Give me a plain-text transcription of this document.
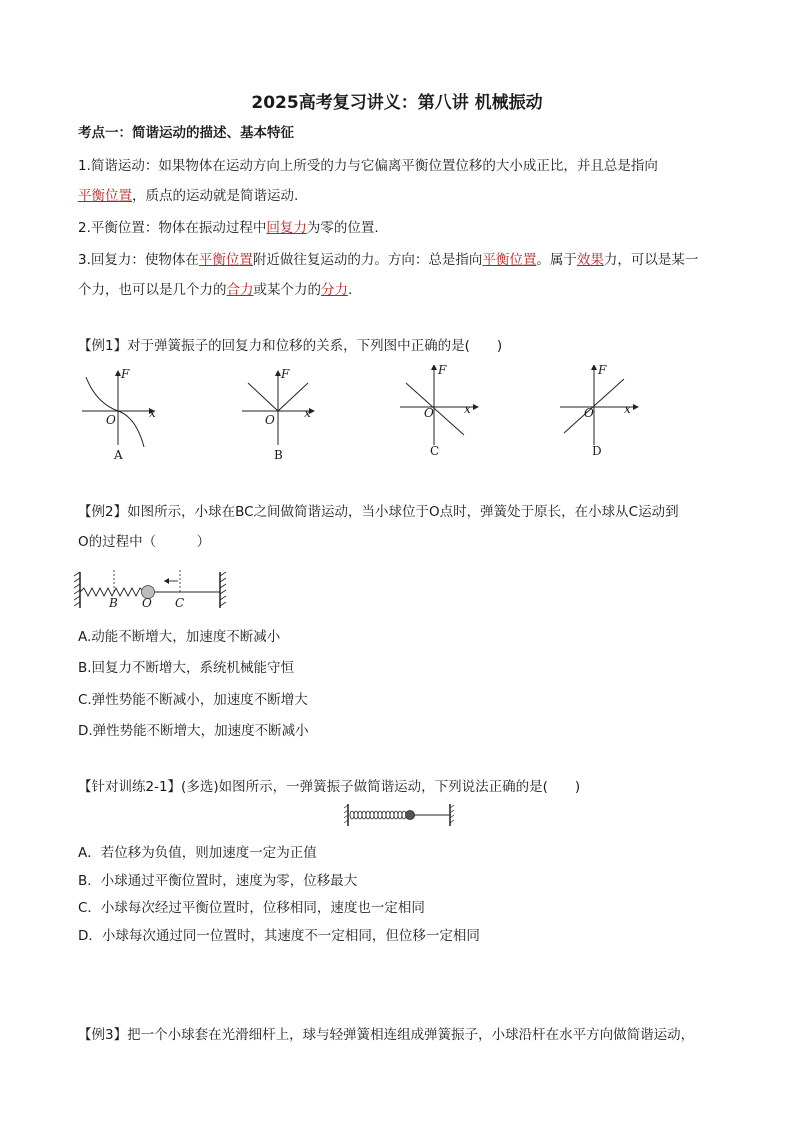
2025高考复习讲义：第八讲 机械振动
考点一：简谐运动的描述、基本特征
1.简谐运动：如果物体在运动方向上所受的力与它偏离平衡位置位移的大小成正比，并且总是指向
平衡位置，质点的运动就是简谐运动.
2.平衡位置：物体在振动过程中回复力为零的位置.
3.回复力：使物体在平衡位置附近做往复运动的力。方向：总是指向平衡位置。属于效果力，可以是某一
个力，也可以是几个力的合力或某个力的分力.
【例1】对于弹簧振子的回复力和位移的关系，下列图中正确的是(　　)
F
x
O
A
F
x
O
B
F
x
O
C
F
x
O
D
【例2】如图所示，小球在BC之间做简谐运动，当小球位于O点时，弹簧处于原长，在小球从C运动到
O的过程中（　　　）
B O C
A.动能不断增大，加速度不断减小
B.回复力不断增大，系统机械能守恒
C.弹性势能不断减小，加速度不断增大
D.弹性势能不断增大，加速度不断减小
【针对训练2-1】(多选)如图所示，一弹簧振子做简谐运动，下列说法正确的是(　　)
A．若位移为负值，则加速度一定为正值
B．小球通过平衡位置时，速度为零，位移最大
C．小球每次经过平衡位置时，位移相同，速度也一定相同
D．小球每次通过同一位置时，其速度不一定相同，但位移一定相同
【例3】把一个小球套在光滑细杆上，球与轻弹簧相连组成弹簧振子，小球沿杆在水平方向做简谐运动，
